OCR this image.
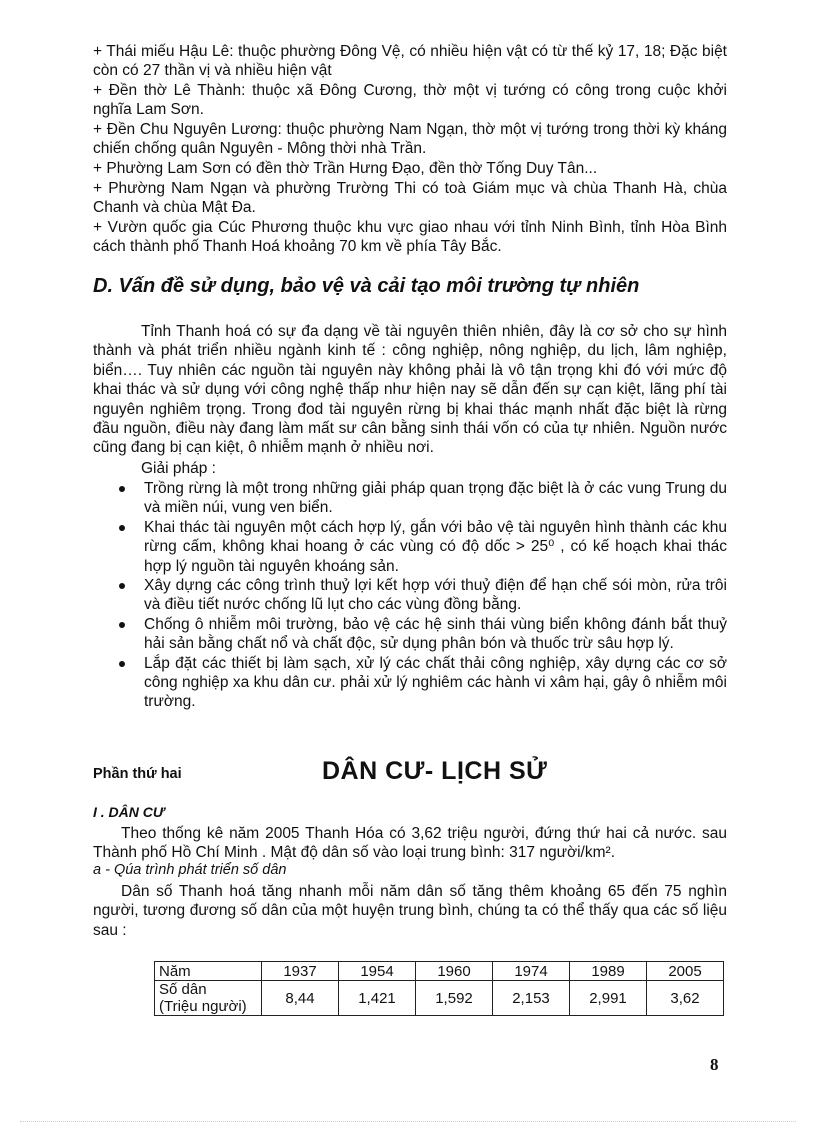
+ Thái miếu Hậu Lê: thuộc phường Đông Vệ, có nhiều hiện vật có từ thế kỷ 17, 18; Đặc biệt còn có 27 thần vị và nhiều hiện vật
+ Đền thờ Lê Thành: thuộc xã Đông Cương, thờ một vị tướng có công trong cuộc khởi nghĩa Lam Sơn.
+ Đền Chu Nguyên Lương: thuộc phường Nam Ngạn, thờ một vị tướng trong thời kỳ kháng chiến chống quân Nguyên - Mông thời nhà Trần.
+ Phường Lam Sơn có đền thờ Trần Hưng Đạo, đền thờ Tống Duy Tân...
+ Phường Nam Ngạn và phường Trường Thi có toà Giám mục và chùa Thanh Hà, chùa Chanh và chùa Mật Đa.
+ Vườn quốc gia Cúc Phương thuộc khu vực giao nhau với tỉnh Ninh Bình, tỉnh Hòa Bình cách thành phố Thanh Hoá khoảng 70 km về phía Tây Bắc.
D. Vấn đề sử dụng, bảo vệ và cải tạo môi trường tự nhiên
Tỉnh Thanh hoá có sự đa dạng về tài nguyên thiên nhiên, đây là cơ sở cho sự hình thành và phát triển nhiều ngành kinh tế : công nghiệp, nông nghiệp, du lịch, lâm nghiệp, biển…. Tuy nhiên các nguồn tài nguyên này không phải là vô tận trọng khi đó với mức độ khai thác và sử dụng với công nghệ thấp như hiện nay sẽ dẫn đến sự cạn kiệt, lãng phí tài nguyên nghiêm trọng. Trong đod tài nguyên rừng bị khai thác mạnh nhất đặc biệt là rừng đầu nguồn, điều này đang làm mất sư cân bằng sinh thái vốn có của tự nhiên. Nguồn nước cũng đang bị cạn kiệt, ô nhiễm mạnh ở nhiều nơi.
Giải pháp :
Trồng rừng là một trong những giải pháp quan trọng đặc biệt là ở các vung Trung du và miền núi, vung ven biển.
Khai thác tài nguyên một cách hợp lý, gắn với bảo vệ tài nguyên hình thành các khu rừng cấm, không khai hoang ở các vùng có độ dốc > 25⁰ , có kế hoạch khai thác hợp lý nguồn tài nguyên khoáng sản.
Xây dựng các công trình thuỷ lợi kết hợp với thuỷ điện để hạn chế sói mòn, rửa trôi và điều tiết nước chống lũ lụt cho các vùng đồng bằng.
Chống ô nhiễm môi trường, bảo vệ các hệ sinh thái vùng biển không đánh bắt thuỷ hải sản bằng chất nổ và chất độc, sử dụng phân bón và thuốc trừ sâu hợp lý.
Lắp đặt các thiết bị làm sạch, xử lý các chất thải công nghiệp, xây dựng các cơ sở công nghiệp xa khu dân cư. phải xử lý nghiêm các hành vi xâm hại, gây ô nhiễm môi trường.
Phần thứ hai	DÂN CƯ- LỊCH SỬ
I . DÂN CƯ
Theo thống kê năm 2005 Thanh Hóa có 3,62 triệu người, đứng thứ hai cả nước. sau Thành phố Hồ Chí Minh . Mật độ dân số vào loại trung bình: 317 người/km².
a - Qúa trình phát triển số dân
Dân số Thanh hoá tăng nhanh mỗi năm dân số tăng thêm khoảng 65 đến 75 nghìn người, tương đương số dân của một huyện trung bình, chúng ta có thể thấy qua các số liệu sau :
Năm	1937	1954	1960	1974	1989	2005

Số dân
(Triệu người)	8,44	1,421	1,592	2,153	2,991	3,62
8
